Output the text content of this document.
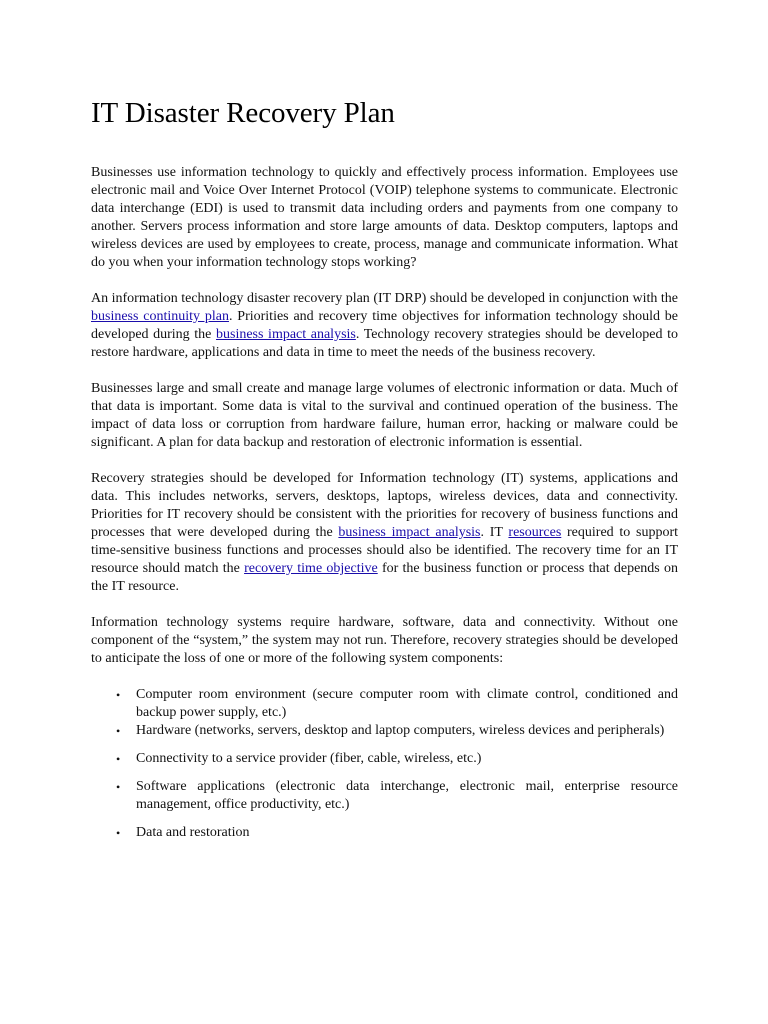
IT Disaster Recovery Plan

Businesses use information technology to quickly and effectively process information. Employees use electronic mail and Voice Over Internet Protocol (VOIP) telephone systems to communicate. Electronic data interchange (EDI) is used to transmit data including orders and payments from one company to another. Servers process information and store large amounts of data. Desktop computers, laptops and wireless devices are used by employees to create, process, manage and communicate information. What do you when your information technology stops working?

An information technology disaster recovery plan (IT DRP) should be developed in conjunction with the business continuity plan. Priorities and recovery time objectives for information technology should be developed during the business impact analysis. Technology recovery strategies should be developed to restore hardware, applications and data in time to meet the needs of the business recovery.

Businesses large and small create and manage large volumes of electronic information or data. Much of that data is important. Some data is vital to the survival and continued operation of the business. The impact of data loss or corruption from hardware failure, human error, hacking or malware could be significant. A plan for data backup and restoration of electronic information is essential.

Recovery strategies should be developed for Information technology (IT) systems, applications and data. This includes networks, servers, desktops, laptops, wireless devices, data and connectivity. Priorities for IT recovery should be consistent with the priorities for recovery of business functions and processes that were developed during the business impact analysis. IT resources required to support time-sensitive business functions and processes should also be identified. The recovery time for an IT resource should match the recovery time objective for the business function or process that depends on the IT resource.

Information technology systems require hardware, software, data and connectivity. Without one component of the “system,” the system may not run. Therefore, recovery strategies should be developed to anticipate the loss of one or more of the following system components:

• Computer room environment (secure computer room with climate control, conditioned and backup power supply, etc.)
• Hardware (networks, servers, desktop and laptop computers, wireless devices and peripherals)
• Connectivity to a service provider (fiber, cable, wireless, etc.)
• Software applications (electronic data interchange, electronic mail, enterprise resource management, office productivity, etc.)
• Data and restoration
